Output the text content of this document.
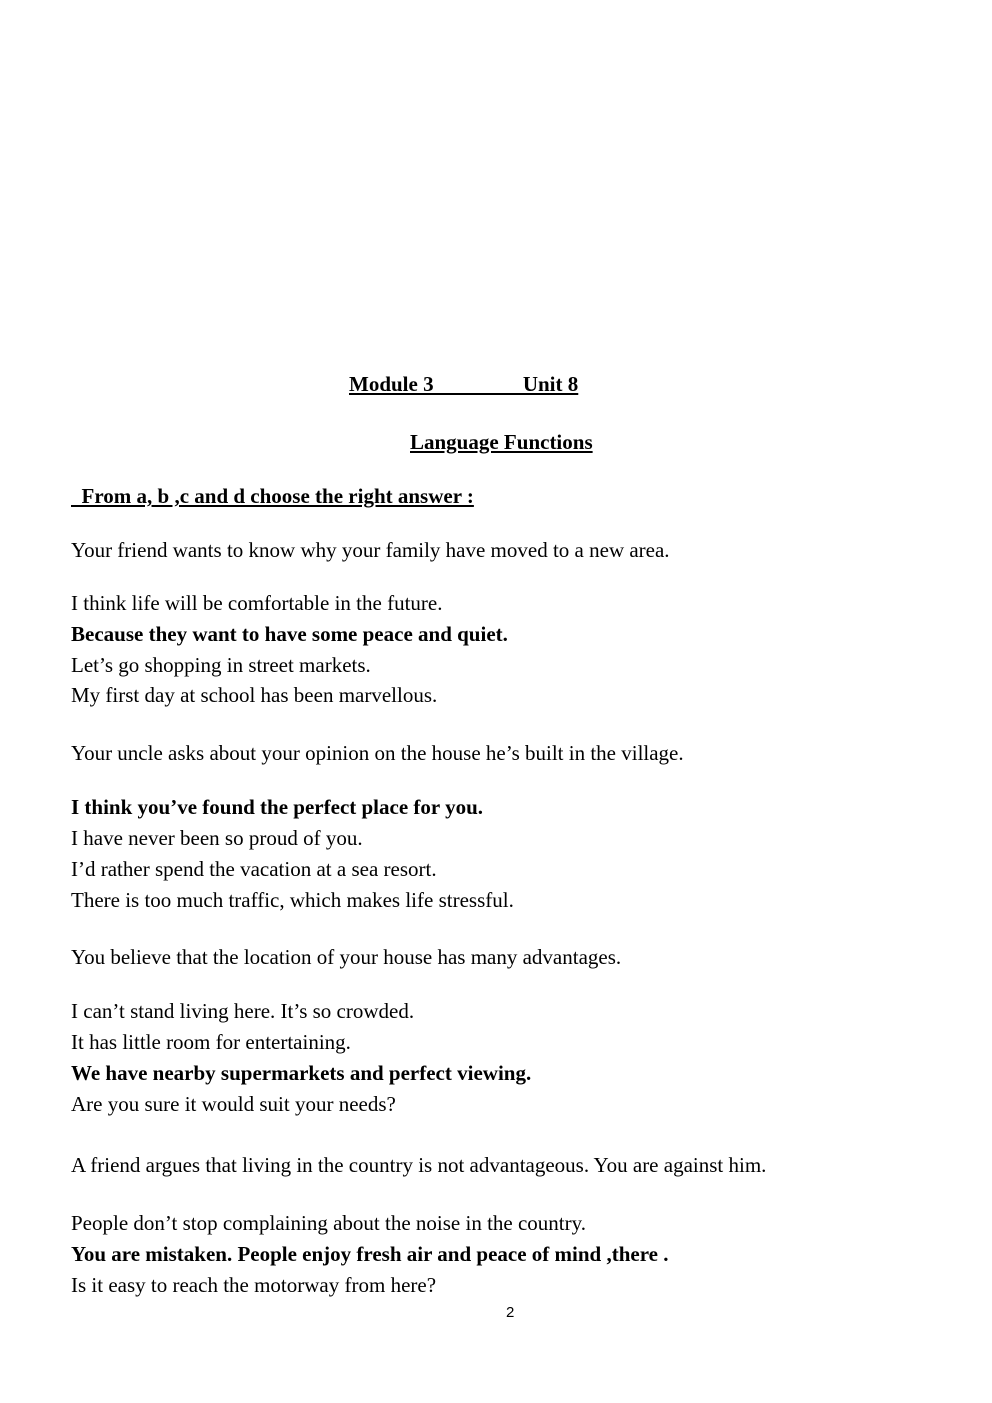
Module 3                 Unit 8
Language Functions
From a, b ,c and d choose the right answer :
Your friend wants to know why your family have moved to a new area.
I think life will be comfortable in the future.
Because they want to have some peace and quiet.
Let’s go shopping in street markets.
My first day at school has been marvellous.
Your uncle asks about your opinion on the house he’s built in the village.
I think you’ve found the perfect place for you.
I have never been so proud of you.
I’d rather spend the vacation at a sea resort.
There is too much traffic, which makes life stressful.
You believe that the location of your house has many advantages.
I can’t stand living here. It’s so crowded.
It has little room for entertaining.
We have nearby supermarkets and perfect viewing.
Are you sure it would suit your needs?
A friend argues that living in the country is not advantageous. You are against him.
People don’t stop complaining about the noise in the country.
You are mistaken. People enjoy fresh air and peace of mind ,there .
Is it easy to reach the motorway from here?
2
